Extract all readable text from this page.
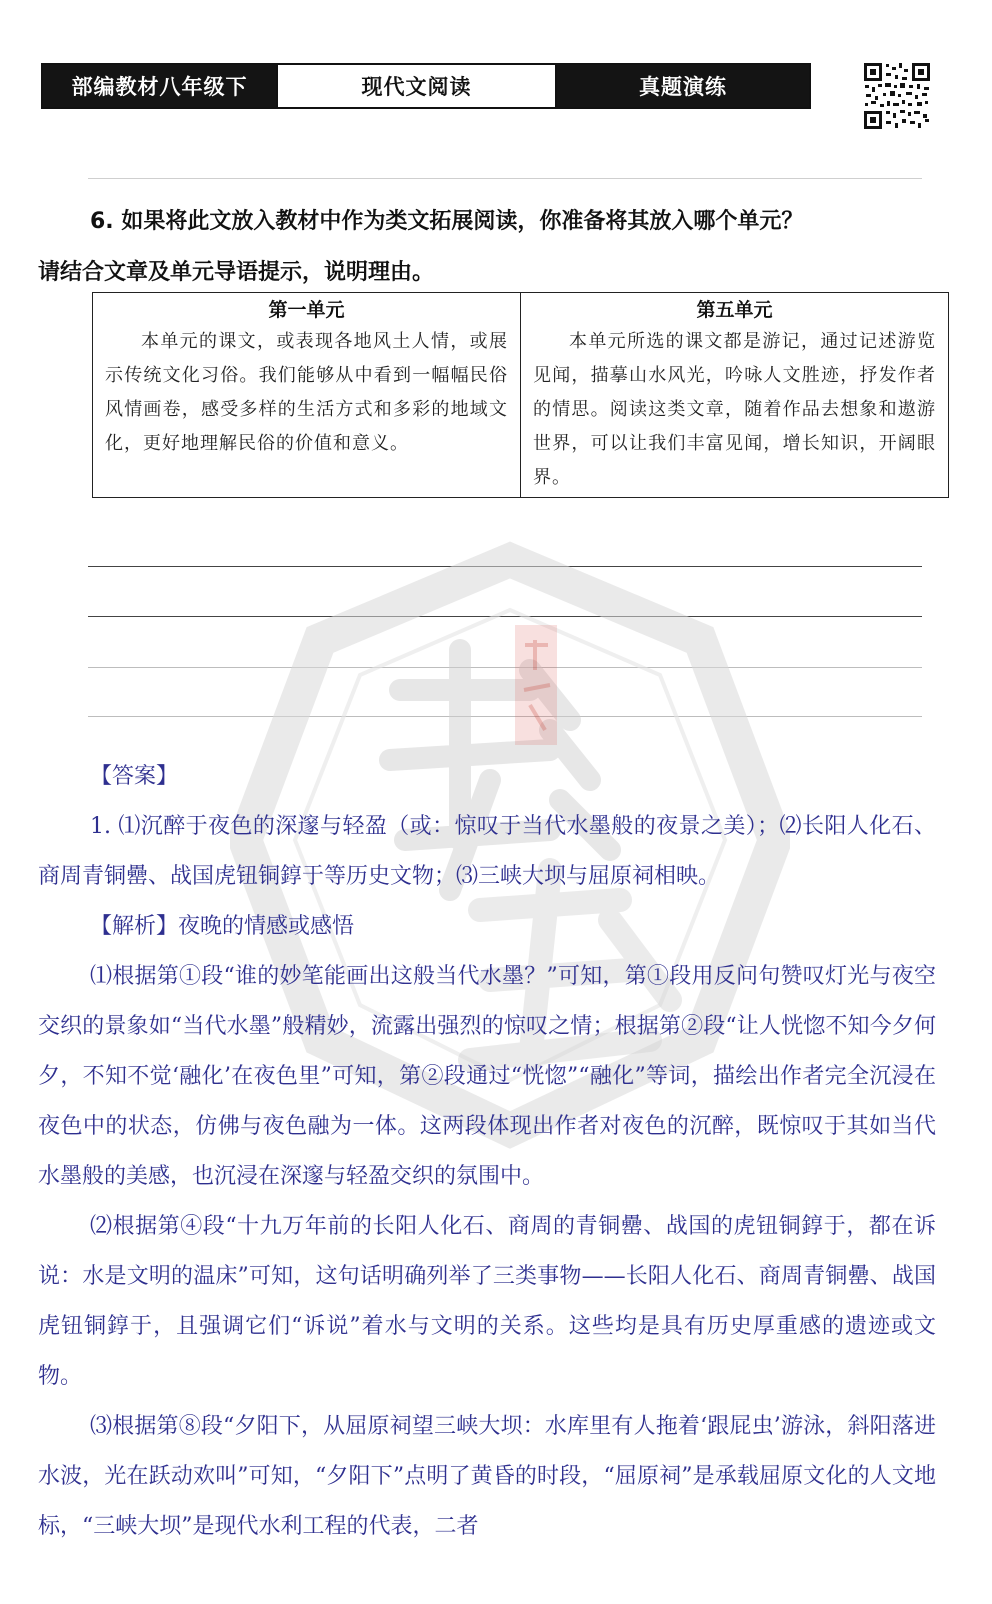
部编教材八年级下	现代文阅读	真题演练
6. 如果将此文放入教材中作为类文拓展阅读，你准备将其放入哪个单元？
请结合文章及单元导语提示，说明理由。
第一单元
本单元的课文，或表现各地风土人情，或展示传统文化习俗。我们能够从中看到一幅幅民俗风情画卷，感受多样的生活方式和多彩的地域文化，更好地理解民俗的价值和意义。
第五单元
本单元所选的课文都是游记，通过记述游览见闻，描摹山水风光，吟咏人文胜迹，抒发作者的情思。阅读这类文章，随着作品去想象和遨游世界，可以让我们丰富见闻，增长知识，开阔眼界。

【答案】

1. ⑴沉醉于夜色的深邃与轻盈（或：惊叹于当代水墨般的夜景之美）；⑵长阳人化石、商周青铜罍、战国虎钮铜錞于等历史文物；⑶三峡大坝与屈原祠相映。

【解析】夜晚的情感或感悟

⑴根据第①段“谁的妙笔能画出这般当代水墨？”可知，第①段用反问句赞叹灯光与夜空交织的景象如“当代水墨”般精妙，流露出强烈的惊叹之情；根据第②段“让人恍惚不知今夕何夕，不知不觉‘融化’在夜色里”可知，第②段通过“恍惚”“融化”等词，描绘出作者完全沉浸在夜色中的状态，仿佛与夜色融为一体。这两段体现出作者对夜色的沉醉，既惊叹于其如当代水墨般的美感，也沉浸在深邃与轻盈交织的氛围中。

⑵根据第④段“十九万年前的长阳人化石、商周的青铜罍、战国的虎钮铜錞于，都在诉说：水是文明的温床”可知，这句话明确列举了三类事物——长阳人化石、商周青铜罍、战国虎钮铜錞于，且强调它们“诉说”着水与文明的关系。这些均是具有历史厚重感的遗迹或文物。

⑶根据第⑧段“夕阳下，从屈原祠望三峡大坝：水库里有人拖着‘跟屁虫’游泳，斜阳落进水波，光在跃动欢叫”可知，“夕阳下”点明了黄昏的时段，“屈原祠”是承载屈原文化的人文地标，“三峡大坝”是现代水利工程的代表，二者
